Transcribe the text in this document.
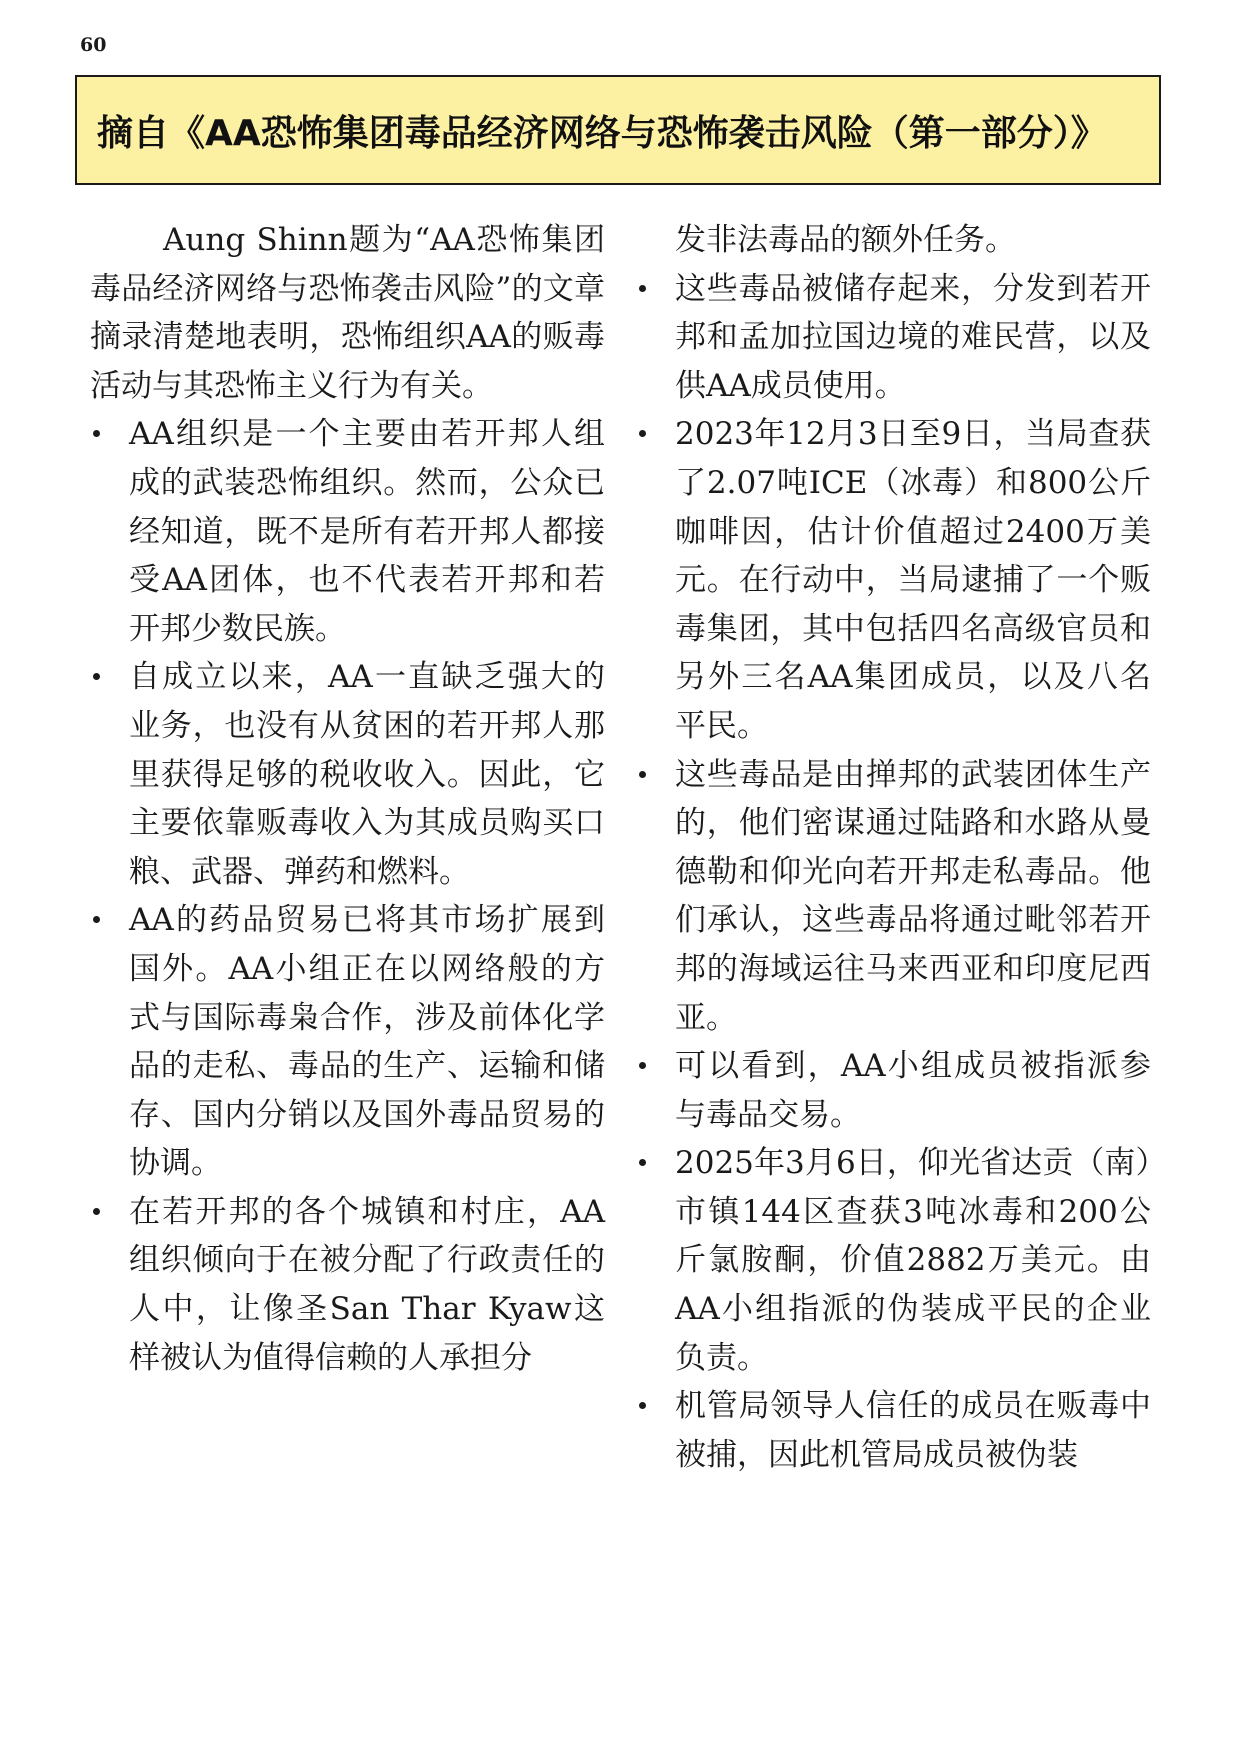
60
摘自《AA恐怖集团毒品经济网络与恐怖袭击风险（第一部分）》

Aung Shinn题为“AA恐怖集团毒品经济网络与恐怖袭击风险”的文章摘录清楚地表明，恐怖组织AA的贩毒活动与其恐怖主义行为有关。

AA组织是一个主要由若开邦人组成的武装恐怖组织。然而，公众已经知道，既不是所有若开邦人都接受AA团体，也不代表若开邦和若开邦少数民族。
自成立以来，AA一直缺乏强大的业务，也没有从贫困的若开邦人那里获得足够的税收收入。因此，它主要依靠贩毒收入为其成员购买口粮、武器、弹药和燃料。
AA的药品贸易已将其市场扩展到国外。AA小组正在以网络般的方式与国际毒枭合作，涉及前体化学品的走私、毒品的生产、运输和储存、国内分销以及国外毒品贸易的协调。
在若开邦的各个城镇和村庄，AA组织倾向于在被分配了行政责任的人中，让像圣San Thar Kyaw这样被认为值得信赖的人承担分

发非法毒品的额外任务。

这些毒品被储存起来，分发到若开邦和孟加拉国边境的难民营，以及供AA成员使用。
2023年12月3日至9日，当局查获了2.07吨ICE（冰毒）和800公斤咖啡因，估计价值超过2400万美元。在行动中，当局逮捕了一个贩毒集团，其中包括四名高级官员和另外三名AA集团成员，以及八名平民。
这些毒品是由掸邦的武装团体生产的，他们密谋通过陆路和水路从曼德勒和仰光向若开邦走私毒品。他们承认，这些毒品将通过毗邻若开邦的海域运往马来西亚和印度尼西亚。
可以看到，AA小组成员被指派参与毒品交易。
2025年3月6日，仰光省达贡（南）市镇144区查获3吨冰毒和200公斤氯胺酮，价值2882万美元。由AA小组指派的伪装成平民的企业负责。
机管局领导人信任的成员在贩毒中被捕，因此机管局成员被伪装
